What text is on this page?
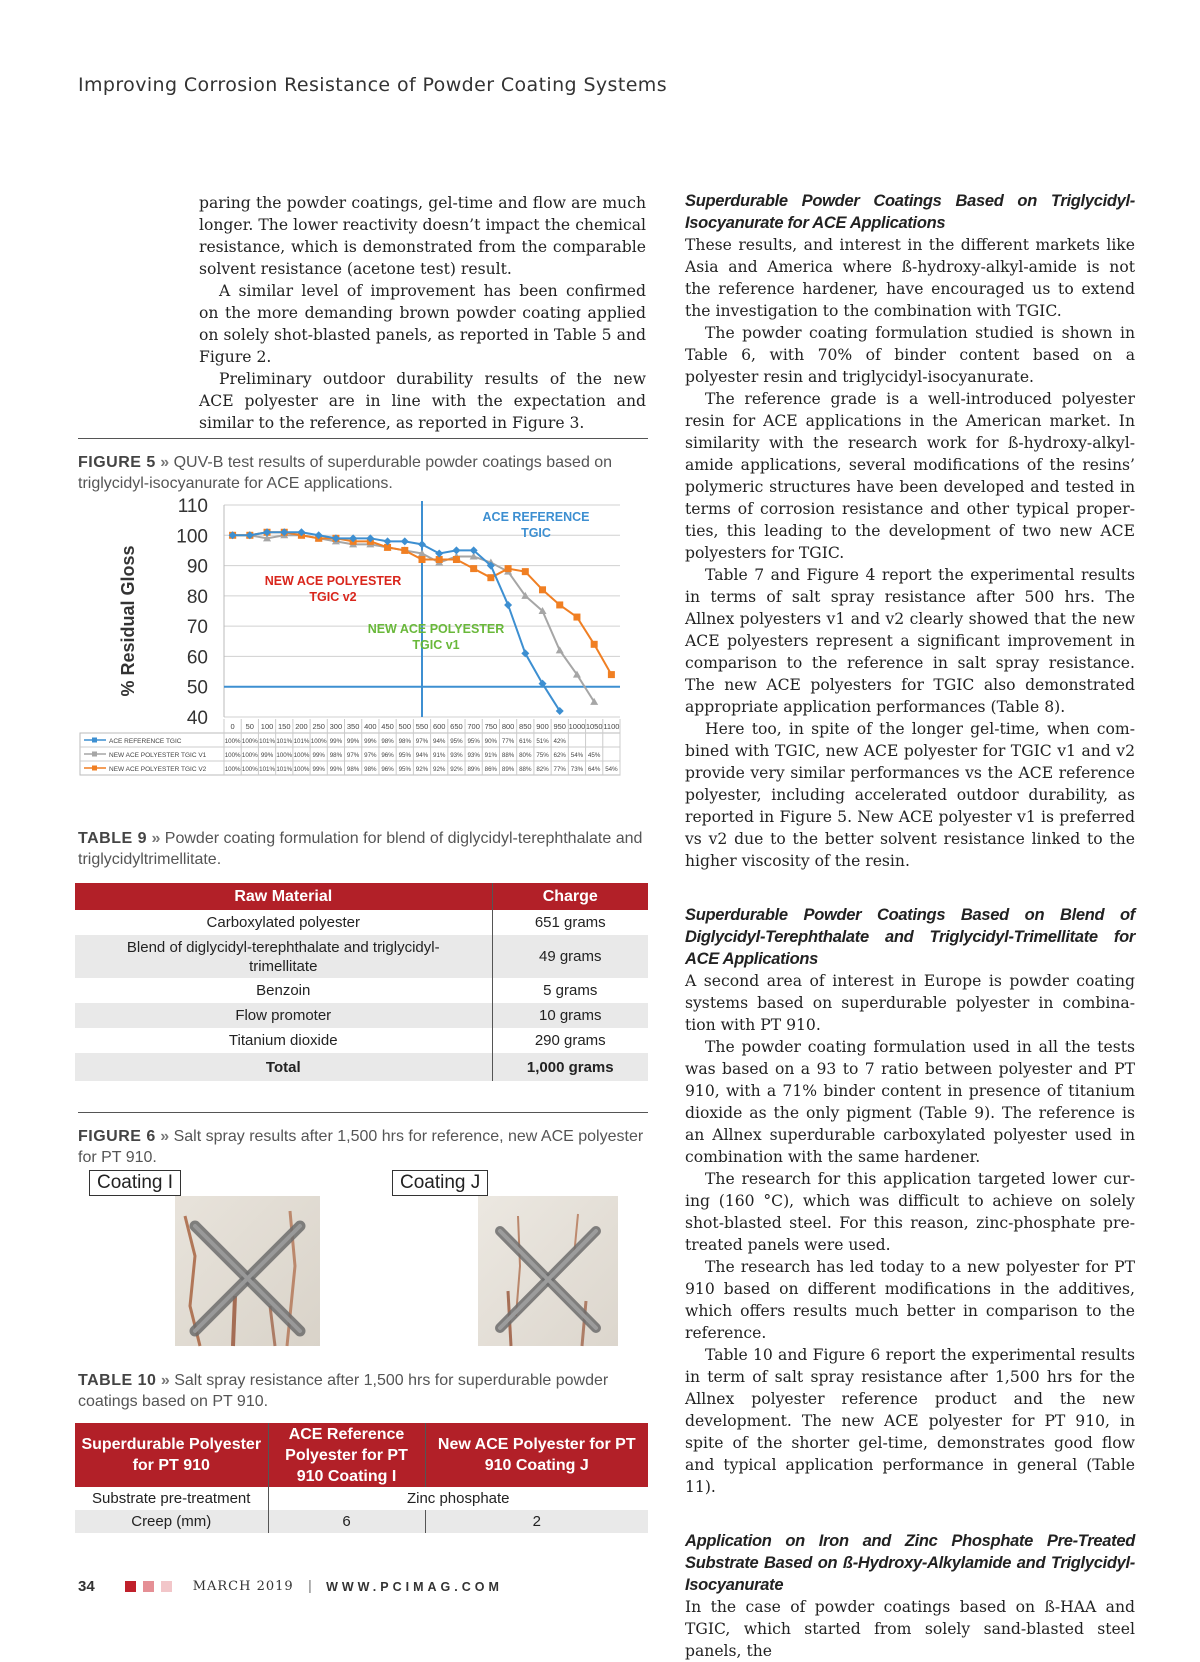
Improving Corrosion Resistance of Powder Coating Systems

paring the powder coatings, gel-time and flow are much longer. The lower reactivity doesn’t impact the chemical resistance, which is demonstrated from the comparable solvent resistance (acetone test) result.

A similar level of improvement has been confirmed on the more demanding brown powder coating applied on solely shot-blasted panels, as reported in Table 5 and Figure 2.

Preliminary outdoor durability results of the new ACE polyester are in line with the expectation and similar to the reference, as reported in Figure 3.

FIGURE 5 » QUV-B test results of superdurable powder coatings based on triglycidyl-isocyanurate for ACE applications.
110
100
90
80
70
60
50
40
% Residual Gloss
ACE REFERENCE
TGIC
NEW ACE POLYESTER
TGIC v2
NEW ACE POLYESTER
TGIC v1
0 50 100 150 200 250 300 350 400 450 500 550 600 650 700 750 800 850 900 950 1000 1050 1100
ACE REFERENCE TGIC	100% 100% 101% 101% 101% 100% 99% 99% 99% 98% 98% 97% 94% 95% 95% 90% 77% 61% 51% 42%
NEW ACE POLYESTER TGIC V1	100% 100% 99% 100% 100% 99% 98% 97% 97% 96% 95% 94% 91% 93% 93% 91% 88% 80% 75% 62% 54% 45%
NEW ACE POLYESTER TGIC V2	100% 100% 101% 101% 100% 99% 99% 98% 98% 96% 95% 92% 92% 92% 89% 86% 89% 88% 82% 77% 73% 64% 54%
TABLE 9 » Powder coating formulation for blend of diglycidyl-terephthalate and triglycidyltrimellitate.
Raw Material	Charge
Carboxylated polyester	651 grams
Blend of diglycidyl-terephthalate and triglycidyl-trimellitate	49 grams
Benzoin	5 grams
Flow promoter	10 grams
Titanium dioxide	290 grams
Total	1,000 grams
FIGURE 6 » Salt spray results after 1,500 hrs for reference, new ACE polyester for PT 910.
Coating I	Coating J
TABLE 10 » Salt spray resistance after 1,500 hrs for superdurable powder coatings based on PT 910.
Superdurable Polyester for PT 910	ACE Reference Polyester for PT 910 Coating I	New ACE Polyester for PT 910 Coating J
Substrate pre-treatment	Zinc phosphate	
Creep (mm)	6	2
Superdurable Powder Coatings Based on Triglycidyl-Isocyanurate for ACE Applications

These results, and interest in the different markets like Asia and America where ß-hydroxy-alkyl-amide is not the reference hardener, have encouraged us to extend the investigation to the combination with TGIC.

The powder coating formulation studied is shown in Table 6, with 70% of binder content based on a polyester resin and triglycidyl-isocyanurate.

The reference grade is a well-introduced polyester resin for ACE applications in the American market. In similarity with the research work for ß-hydroxy-alkyl-amide applications, several modifications of the resins’ polymeric structures have been developed and tested in terms of corrosion resistance and other typical properties, this leading to the development of two new ACE polyesters for TGIC.

Table 7 and Figure 4 report the experimental results in terms of salt spray resistance after 500 hrs. The Allnex polyesters v1 and v2 clearly showed that the new ACE polyesters represent a significant improvement in comparison to the reference in salt spray resistance. The new ACE polyesters for TGIC also demonstrated appropriate application performances (Table 8).

Here too, in spite of the longer gel-time, when combined with TGIC, new ACE polyester for TGIC v1 and v2 provide very similar performances vs the ACE reference polyester, including accelerated outdoor durability, as reported in Figure 5. New ACE polyester v1 is preferred vs v2 due to the better solvent resistance linked to the higher viscosity of the resin.

Superdurable Powder Coatings Based on Blend of Diglycidyl-Terephthalate and Triglycidyl-Trimellitate for ACE Applications

A second area of interest in Europe is powder coating systems based on superdurable polyester in combination with PT 910.

The powder coating formulation used in all the tests was based on a 93 to 7 ratio between polyester and PT 910, with a 71% binder content in presence of titanium dioxide as the only pigment (Table 9). The reference is an Allnex superdurable carboxylated polyester used in combination with the same hardener.

The research for this application targeted lower curing (160 °C), which was difficult to achieve on solely shot-blasted steel. For this reason, zinc-phosphate pre-treated panels were used.

The research has led today to a new polyester for PT 910 based on different modifications in the additives, which offers results much better in comparison to the reference.

Table 10 and Figure 6 report the experimental results in term of salt spray resistance after 1,500 hrs for the Allnex polyester reference product and the new development. The new ACE polyester for PT 910, in spite of the shorter gel-time, demonstrates good flow and typical application performance in general (Table 11).

Application on Iron and Zinc Phosphate Pre-Treated Substrate Based on ß-Hydroxy-Alkylamide and Triglycidyl-Isocyanurate

In the case of powder coatings based on ß-HAA and TGIC, which started from solely sand-blasted steel panels, the

34	MARCH 2019 | WWW.PCIMAG.COM
